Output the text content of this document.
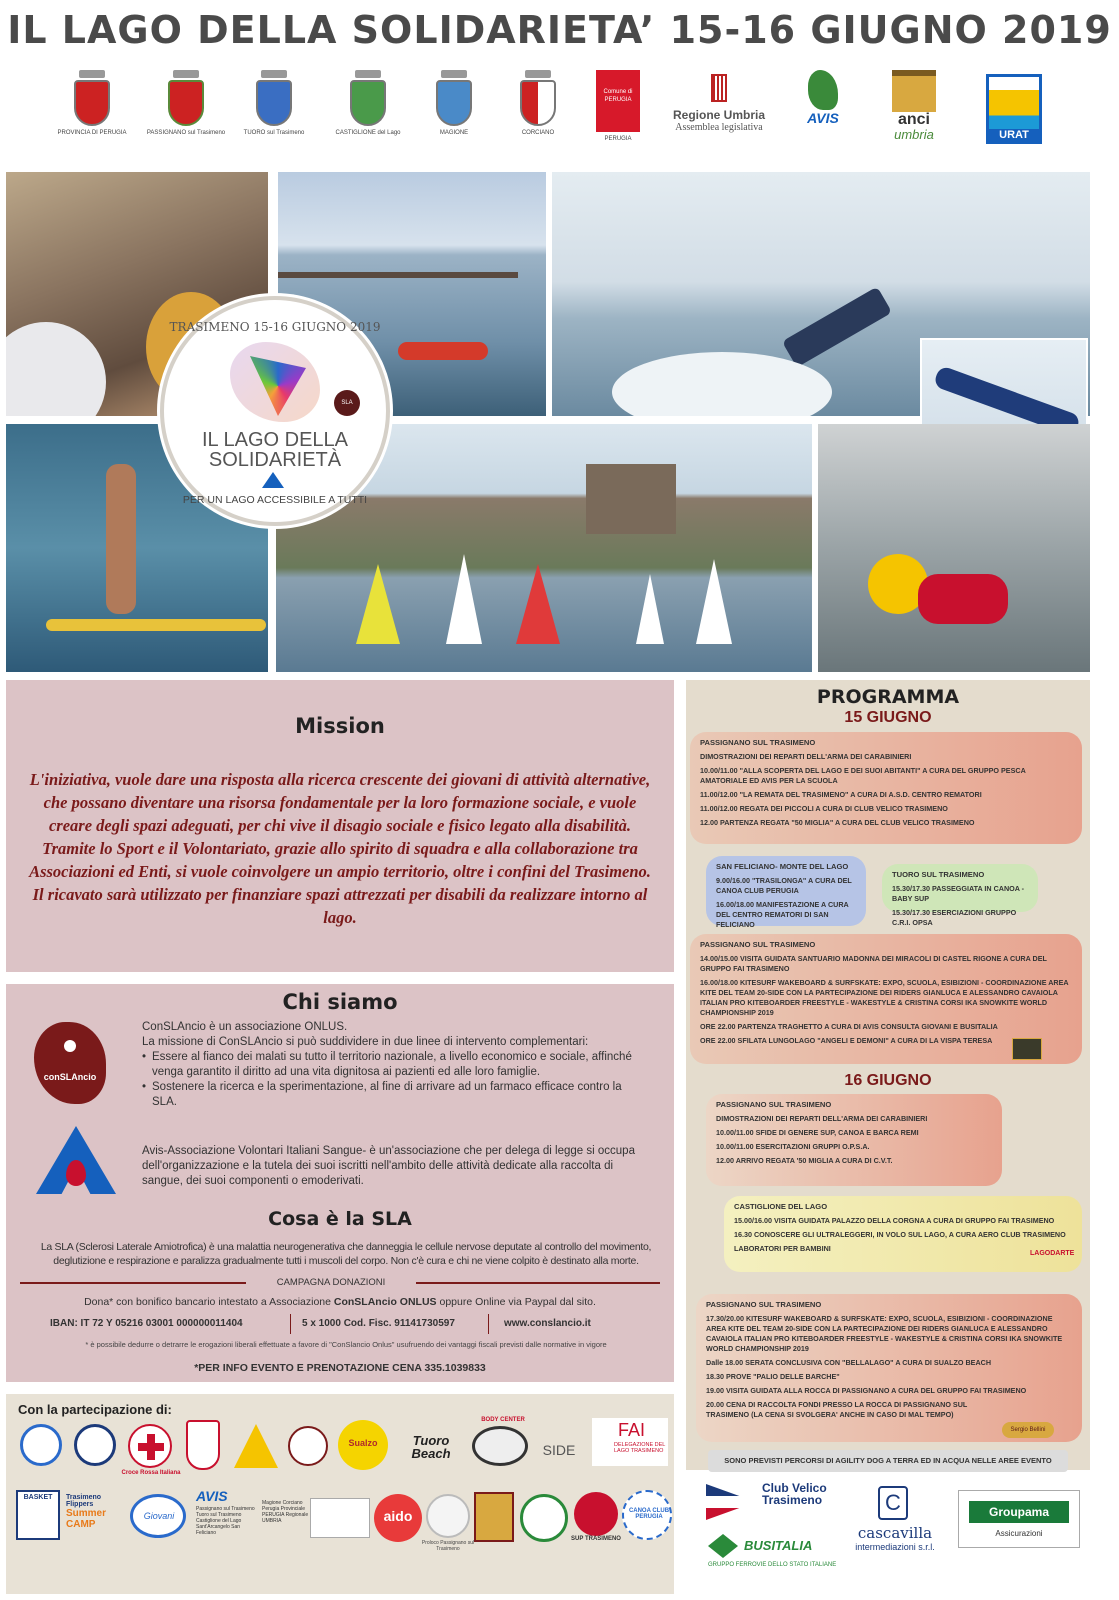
IL LAGO DELLA SOLIDARIETA’ 15-16 GIUGNO 2019
PROVINCIA DI PERUGIA	PASSIGNANO sul Trasimeno	TUORO sul Trasimeno	CASTIGLIONE del Lago	MAGIONE	CORCIANO
Comune di PERUGIA
PERUGIA
Regione Umbria
Assemblea legislativa
AVIS	anci
umbria	URAT
TRASIMENO 15-16 GIUGNO 2019
SLA
IL LAGO DELLA
SOLIDARIETÀ
PER UN LAGO ACCESSIBILE A TUTTI
Mission
L'iniziativa, vuole dare una risposta alla ricerca crescente dei giovani di attività alternative, che possano diventare una risorsa fondamentale per la loro formazione sociale, e vuole creare degli spazi adeguati, per chi vive il disagio sociale e fisico legato alla disabilità. Tramite lo Sport e il Volontariato, grazie allo spirito di squadra e alla collaborazione tra Associazioni ed Enti, si vuole coinvolgere un ampio territorio, oltre i confini del Trasimeno. Il ricavato sarà utilizzato per finanziare spazi attrezzati per disabili da realizzare intorno al lago.
Chi siamo
conSLAncio
ConSLAncio è un associazione ONLUS.
La missione di ConSLAncio si può suddividere in due linee di intervento complementari:
• Essere al fianco dei malati su tutto il territorio nazionale, a livello economico e sociale, affinché venga garantito il diritto ad una vita dignitosa ai pazienti ed alle loro famiglie.
• Sostenere la ricerca e la sperimentazione, al fine di arrivare ad un farmaco efficace contro la SLA.
Avis-Associazione Volontari Italiani Sangue- è un'associazione che per delega di legge si occupa dell'organizzazione e la tutela dei suoi iscritti nell'ambito delle attività dedicate alla raccolta di sangue, dei suoi componenti o emoderivati.
Cosa è la SLA
La SLA (Sclerosi Laterale Amiotrofica) è una malattia neurogenerativa che danneggia le cellule nervose deputate al controllo del movimento, deglutizione e respirazione e paralizza gradualmente tutti i muscoli del corpo. Non c'è cura e chi ne viene colpito è destinato alla morte.
CAMPAGNA DONAZIONI
Dona* con bonifico bancario intestato a Associazione ConSLAncio ONLUS oppure Online via Paypal dal sito.
IBAN: IT 72 Y 05216 03001 000000011404	5 x 1000 Cod. Fisc. 91141730597	www.conslancio.it
* è possibile dedurre o detrarre le erogazioni liberali effettuate a favore di "ConSlancio Onlus" usufruendo dei vantaggi fiscali previsti dalle normative in vigore
*PER INFO EVENTO E PRENOTAZIONE CENA 335.1039833
Con la partecipazione di:
Croce Rossa Italiana
Sualzo	Tuoro Beach
BODY CENTER
SIDE
FAI
DELEGAZIONE DEL LAGO TRASIMENO
BASKET	Trasimeno Flippers
Summer CAMP
Giovani
AVIS
Passignano sul Trasimeno Tuoro sul Trasimeno Castiglione del Lago Sant'Arcangelo San Feliciano
Magione Corciano Perugia Provinciale PERUGIA Regionale UMBRIA	aido
Proloco Passignano sul Trasimeno
SUP TRASIMENO
CANOA CLUB PERUGIA
PROGRAMMA
15 GIUGNO
PASSIGNANO SUL TRASIMENO
DIMOSTRAZIONI DEI REPARTI DELL'ARMA DEI CARABINIERI
10.00/11.00 "ALLA SCOPERTA DEL LAGO E DEI SUOI ABITANTI" A CURA DEL GRUPPO PESCA AMATORIALE ED AVIS PER LA SCUOLA
11.00/12.00 "LA REMATA DEL TRASIMENO" A CURA DI A.S.D. CENTRO REMATORI
11.00/12.00 REGATA DEI PICCOLI A CURA DI CLUB VELICO TRASIMENO
12.00 PARTENZA REGATA "50 MIGLIA" A CURA DEL CLUB VELICO TRASIMENO
SAN FELICIANO- MONTE DEL LAGO
9.00/16.00 "TRASILONGA" A CURA DEL CANOA CLUB PERUGIA
16.00/18.00 MANIFESTAZIONE A CURA DEL CENTRO REMATORI DI SAN FELICIANO
TUORO SUL TRASIMENO
15.30/17.30 PASSEGGIATA IN CANOA - BABY SUP
15.30/17.30 ESERCIAZIONI GRUPPO C.R.I. OPSA
PASSIGNANO SUL TRASIMENO
14.00/15.00 VISITA GUIDATA SANTUARIO MADONNA DEI MIRACOLI DI CASTEL RIGONE A CURA DEL GRUPPO FAI TRASIMENO
16.00/18.00 KITESURF WAKEBOARD & SURFSKATE: EXPO, SCUOLA, ESIBIZIONI - COORDINAZIONE AREA KITE DEL TEAM 20-SIDE CON LA PARTECIPAZIONE DEI RIDERS GIANLUCA E ALESSANDRO CAVAIOLA ITALIAN PRO KITEBOARDER FREESTYLE - WAKESTYLE & CRISTINA CORSI IKA SNOWKITE WORLD CHAMPIONSHIP 2019
ORE 22.00 PARTENZA TRAGHETTO A CURA DI AVIS CONSULTA GIOVANI E BUSITALIA
ORE 22.00 SFILATA LUNGOLAGO "ANGELI E DEMONI" A CURA DI LA VISPA TERESA
16 GIUGNO
PASSIGNANO SUL TRASIMENO
DIMOSTRAZIONI DEI REPARTI DELL'ARMA DEI CARABINIERI
10.00/11.00 SFIDE DI GENERE SUP, CANOA E BARCA REMI
10.00/11.00 ESERCITAZIONI GRUPPI O.P.S.A.
12.00 ARRIVO REGATA '50 MIGLIA A CURA DI C.V.T.
CASTIGLIONE DEL LAGO
15.00/16.00 VISITA GUIDATA PALAZZO DELLA CORGNA A CURA DI GRUPPO FAI TRASIMENO
16.30 CONOSCERE GLI ULTRALEGGERI, IN VOLO SUL LAGO, A CURA AERO CLUB TRASIMENO
LABORATORI PER BAMBINI
LAGODARTE
PASSIGNANO SUL TRASIMENO
17.30/20.00 KITESURF WAKEBOARD & SURFSKATE: EXPO, SCUOLA, ESIBIZIONI - COORDINAZIONE AREA KITE DEL TEAM 20-SIDE CON LA PARTECIPAZIONE DEI RIDERS GIANLUCA E ALESSANDRO CAVAIOLA ITALIAN PRO KITEBOARDER FREESTYLE - WAKESTYLE & CRISTINA CORSI IKA SNOWKITE WORLD CHAMPIONSHIP 2019
Dalle 18.00 SERATA CONCLUSIVA CON "BELLALAGO" A CURA DI SUALZO BEACH
18.30 PROVE "PALIO DELLE BARCHE"
19.00 VISITA GUIDATA ALLA ROCCA DI PASSIGNANO A CURA DEL GRUPPO FAI TRASIMENO
20.00 CENA DI RACCOLTA FONDI PRESSO LA ROCCA DI PASSIGNANO SUL TRASIMENO (LA CENA SI SVOLGERA' ANCHE IN CASO DI MAL TEMPO)
Sergio Bellini
SONO PREVISTI PERCORSI DI AGILITY DOG A TERRA ED IN ACQUA NELLE AREE EVENTO
Club Velico Trasimeno
BUSITALIA
GRUPPO FERROVIE DELLO STATO ITALIANE
C
cascavilla
intermediazioni s.r.l.
Groupama
Assicurazioni
